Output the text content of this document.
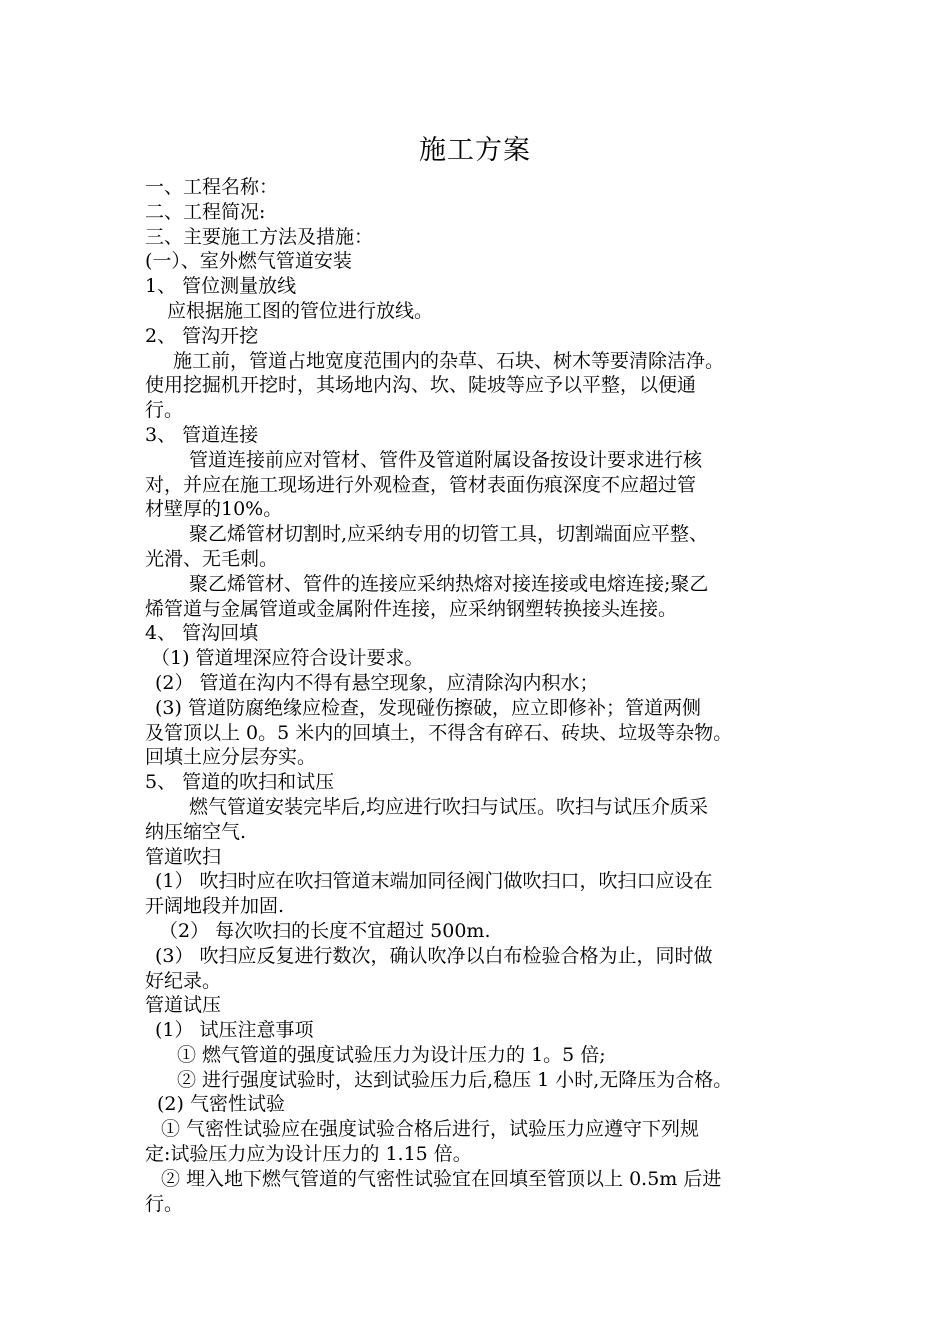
施工方案
一、工程名称：
二、工程简况:
三、主要施工方法及措施：
(一）、室外燃气管道安装
1、 管位测量放线
应根据施工图的管位进行放线。
2、 管沟开挖
施工前，管道占地宽度范围内的杂草、石块、树木等要清除洁净。
使用挖掘机开挖时，其场地内沟、坎、陡坡等应予以平整，以便通
行。
3、 管道连接
管道连接前应对管材、管件及管道附属设备按设计要求进行核
对，并应在施工现场进行外观检查，管材表面伤痕深度不应超过管
材壁厚的10%。
聚乙烯管材切割时,应采纳专用的切管工具，切割端面应平整、
光滑、无毛刺。
聚乙烯管材、管件的连接应采纳热熔对接连接或电熔连接;聚乙
烯管道与金属管道或金属附件连接，应采纳钢塑转换接头连接。
4、 管沟回填
（1) 管道埋深应符合设计要求。
(2） 管道在沟内不得有悬空现象，应清除沟内积水；
(3) 管道防腐绝缘应检查，发现碰伤擦破，应立即修补；管道两侧
及管顶以上 0。5 米内的回填土，不得含有碎石、砖块、垃圾等杂物。
回填土应分层夯实。
5、 管道的吹扫和试压
燃气管道安装完毕后,均应进行吹扫与试压。吹扫与试压介质采
纳压缩空气.
管道吹扫
(1） 吹扫时应在吹扫管道末端加同径阀门做吹扫口，吹扫口应设在
开阔地段并加固.
（2） 每次吹扫的长度不宜超过 500m.
(3） 吹扫应反复进行数次，确认吹净以白布检验合格为止，同时做
好纪录。
管道试压
(1） 试压注意事项
① 燃气管道的强度试验压力为设计压力的 1。5 倍;
② 进行强度试验时，达到试验压力后,稳压 1 小时,无降压为合格。
(2) 气密性试验
① 气密性试验应在强度试验合格后进行，试验压力应遵守下列规
定:试验压力应为设计压力的 1.15 倍。
② 埋入地下燃气管道的气密性试验宜在回填至管顶以上 0.5m 后进
行。
